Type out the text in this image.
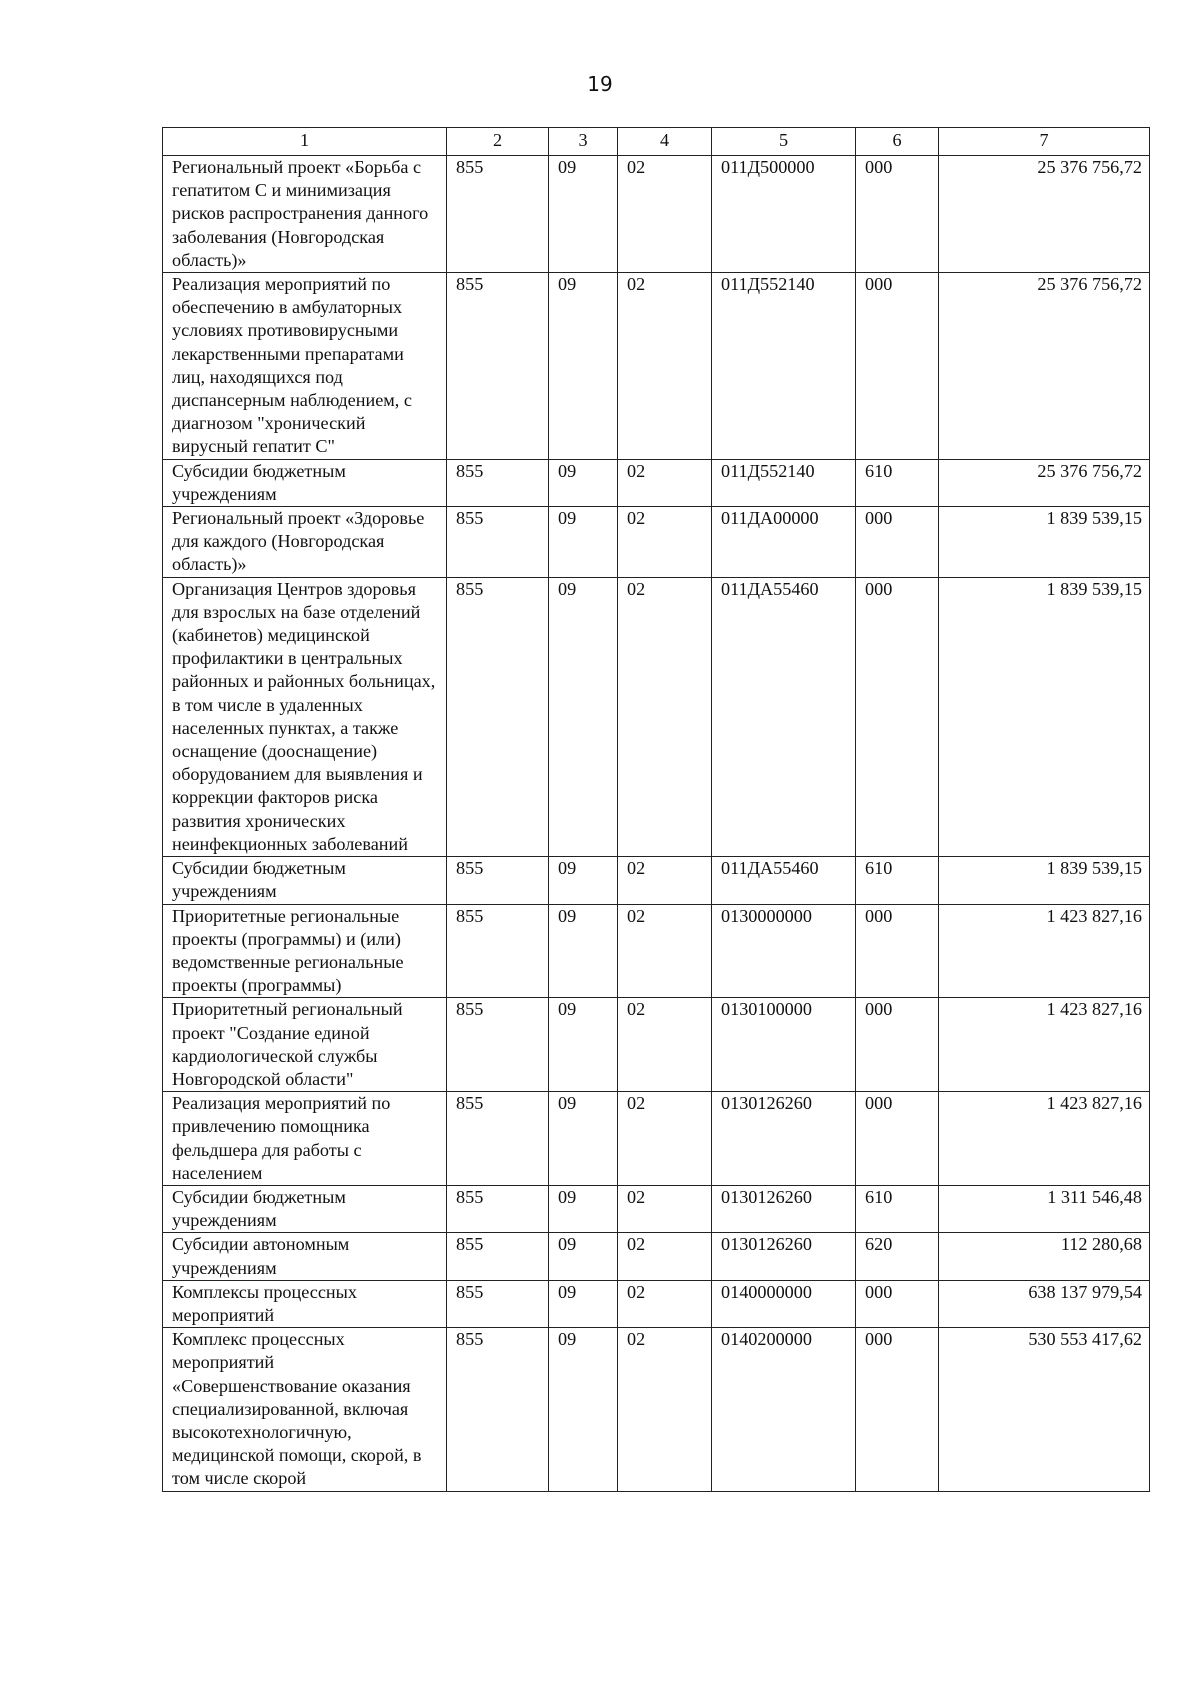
19
1	2	3	4	5	6	7
Региональный проект «Борьба с гепатитом С и минимизация рисков распространения данного заболевания (Новгородская область)»	855	09	02	011Д500000	000	25 376 756,72
Реализация мероприятий по обеспечению в амбулаторных условиях противовирусными лекарственными препаратами лиц, находящихся под диспансерным наблюдением, с диагнозом "хронический вирусный гепатит С"	855	09	02	011Д552140	000	25 376 756,72
Субсидии бюджетным учреждениям	855	09	02	011Д552140	610	25 376 756,72
Региональный проект «Здоровье для каждого (Новгородская область)»	855	09	02	011ДА00000	000	1 839 539,15
Организация Центров здоровья для взрослых на базе отделений (кабинетов) медицинской профилактики в центральных районных и районных больницах, в том числе в удаленных населенных пунктах, а также оснащение (дооснащение) оборудованием для выявления и коррекции факторов риска развития хронических неинфекционных заболеваний	855	09	02	011ДА55460	000	1 839 539,15
Субсидии бюджетным учреждениям	855	09	02	011ДА55460	610	1 839 539,15
Приоритетные региональные проекты (программы) и (или) ведомственные региональные проекты (программы)	855	09	02	0130000000	000	1 423 827,16
Приоритетный региональный проект "Создание единой кардиологической службы Новгородской области"	855	09	02	0130100000	000	1 423 827,16
Реализация мероприятий по привлечению помощника фельдшера для работы с населением	855	09	02	0130126260	000	1 423 827,16
Субсидии бюджетным учреждениям	855	09	02	0130126260	610	1 311 546,48
Субсидии автономным учреждениям	855	09	02	0130126260	620	112 280,68
Комплексы процессных мероприятий	855	09	02	0140000000	000	638 137 979,54
Комплекс процессных мероприятий «Совершенствование оказания специализированной, включая высокотехнологичную, медицинской помощи, скорой, в том числе скорой	855	09	02	0140200000	000	530 553 417,62
